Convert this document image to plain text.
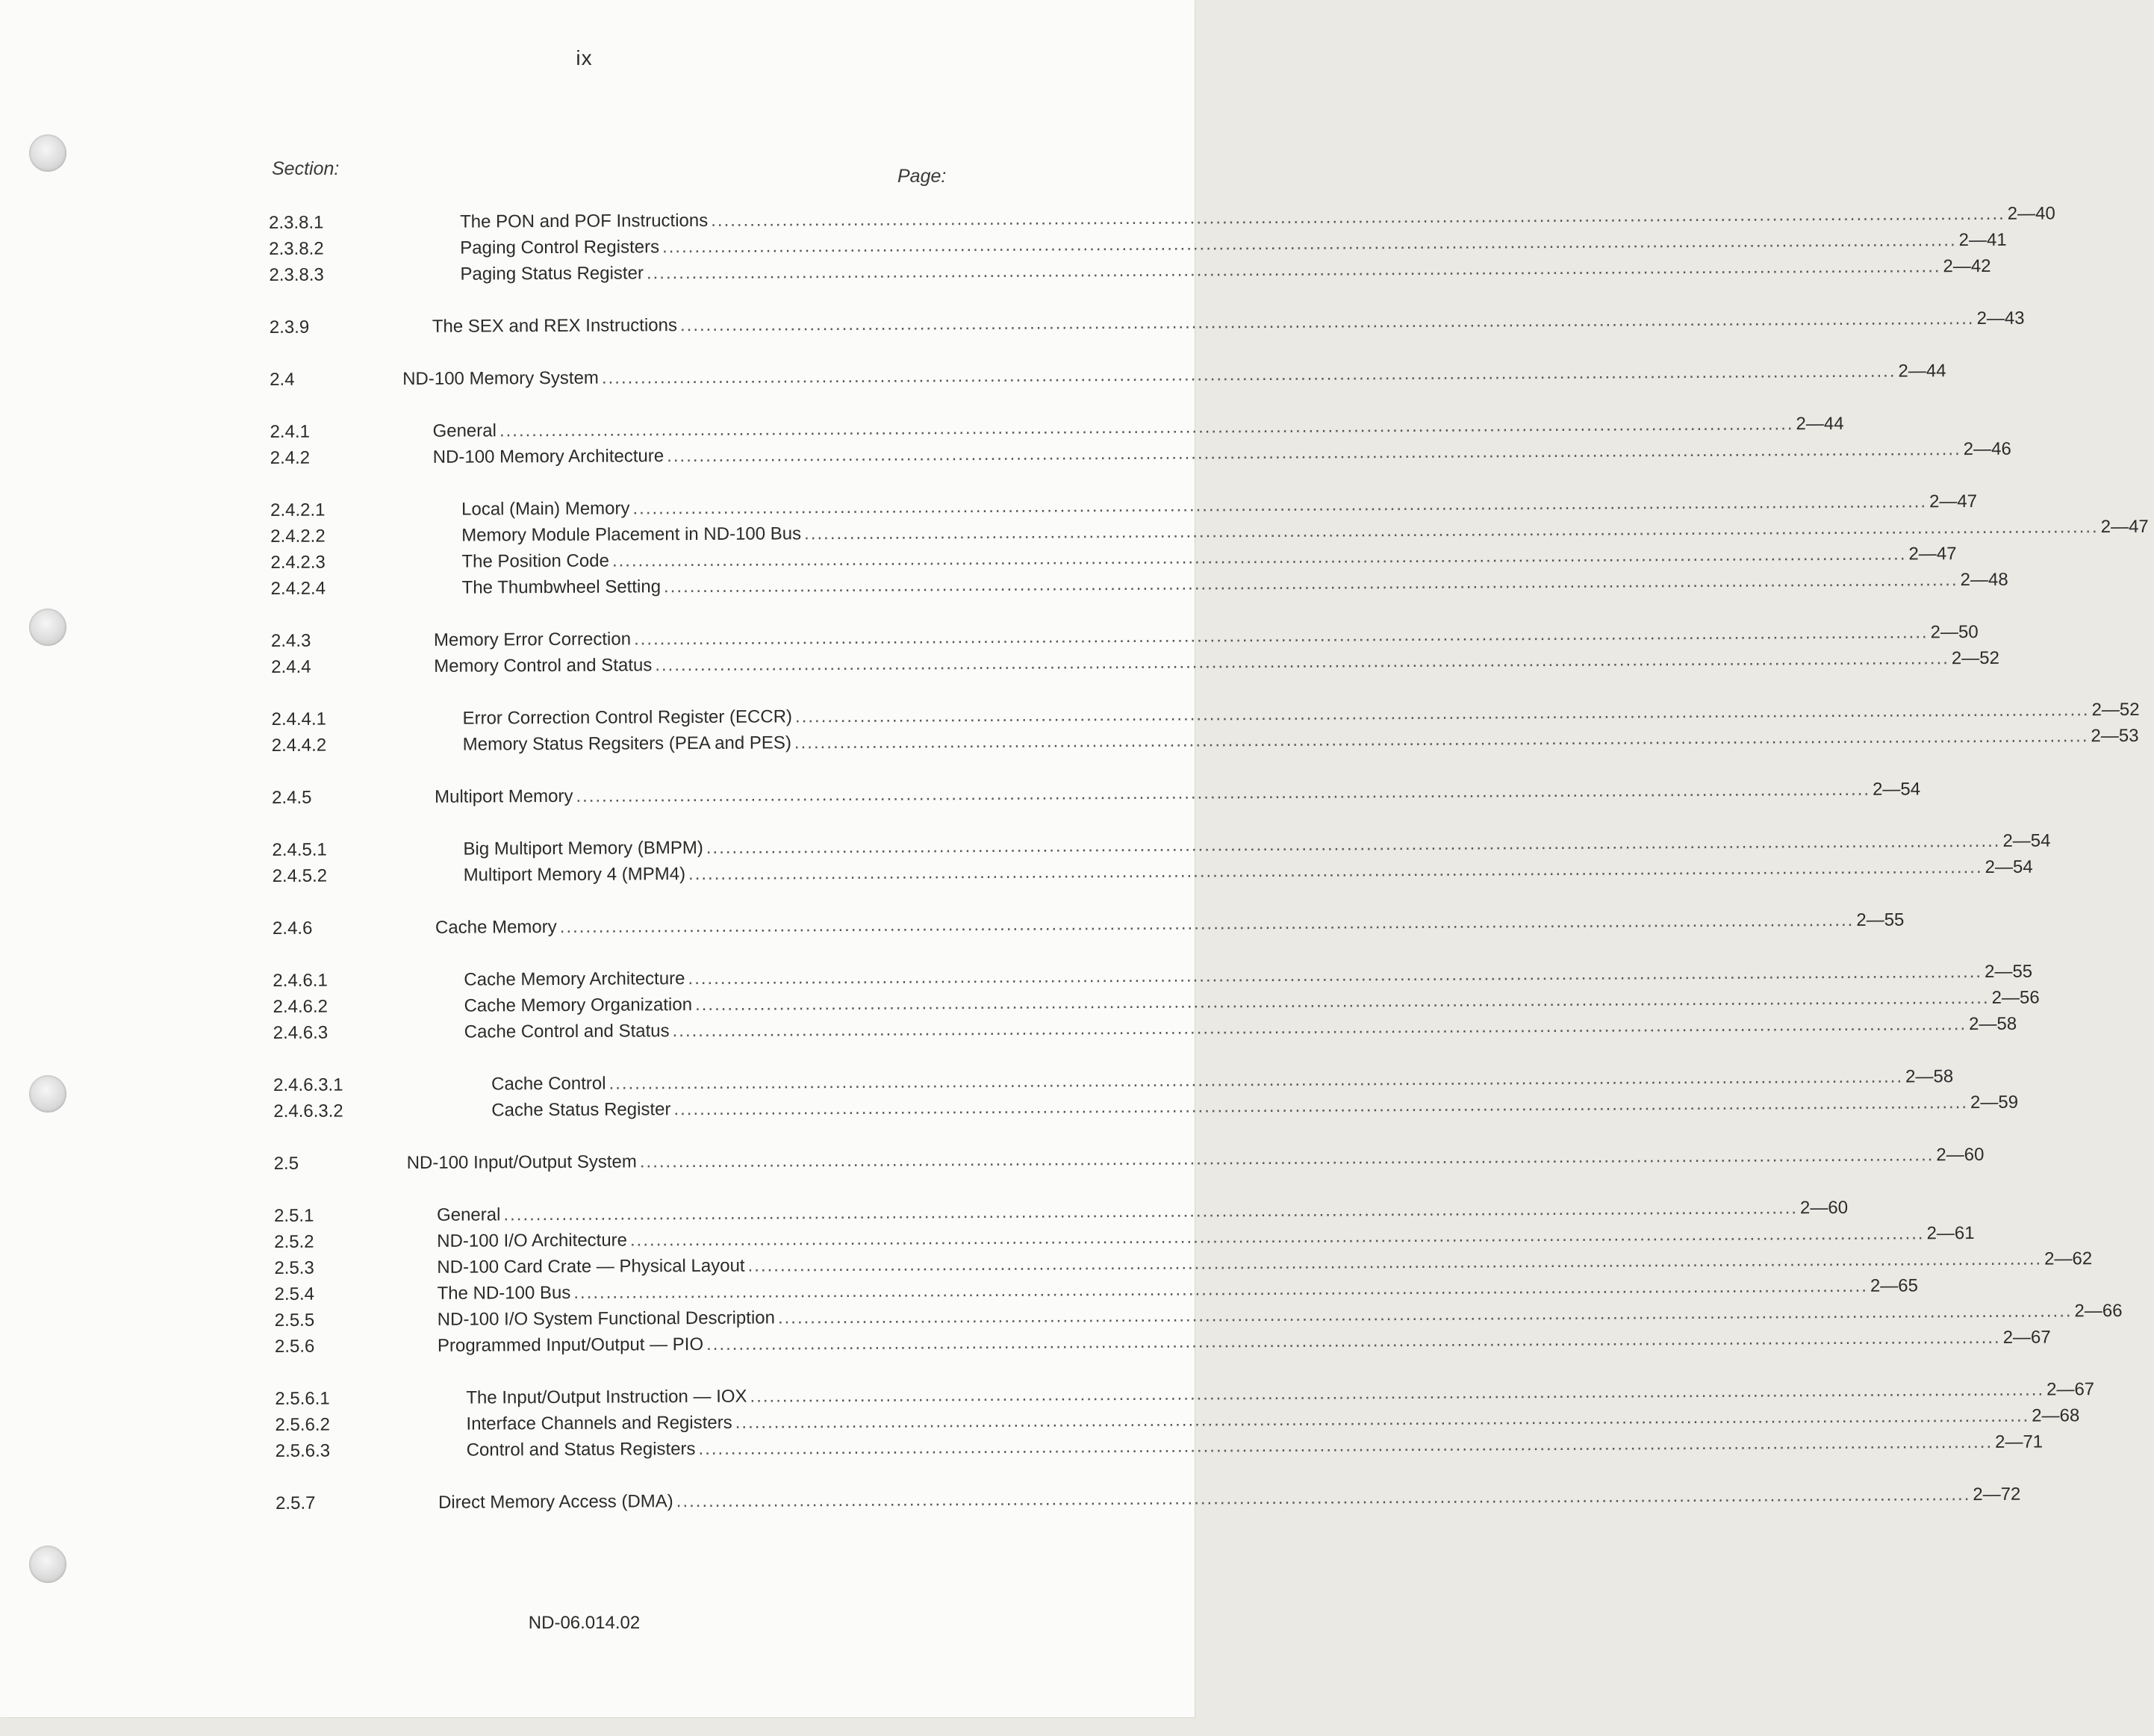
ix
Section:	Page:
2.3.8.1	The PON and POF Instructions ........................................................................................................................................................................................................ 2—40
2.3.8.2	Paging Control Registers ........................................................................................................................................................................................................ 2—41
2.3.8.3	Paging Status Register ........................................................................................................................................................................................................ 2—42
2.3.9	The SEX and REX Instructions ........................................................................................................................................................................................................ 2—43
2.4	ND-100 Memory System ........................................................................................................................................................................................................ 2—44
2.4.1	General ........................................................................................................................................................................................................ 2—44
2.4.2	ND-100 Memory Architecture ........................................................................................................................................................................................................ 2—46
2.4.2.1	Local (Main) Memory ........................................................................................................................................................................................................ 2—47
2.4.2.2	Memory Module Placement in ND-100 Bus ........................................................................................................................................................................................................ 2—47
2.4.2.3	The Position Code ........................................................................................................................................................................................................ 2—47
2.4.2.4	The Thumbwheel Setting ........................................................................................................................................................................................................ 2—48
2.4.3	Memory Error Correction ........................................................................................................................................................................................................ 2—50
2.4.4	Memory Control and Status ........................................................................................................................................................................................................ 2—52
2.4.4.1	Error Correction Control Register (ECCR) ........................................................................................................................................................................................................ 2—52
2.4.4.2	Memory Status Regsiters (PEA and PES) ........................................................................................................................................................................................................ 2—53
2.4.5	Multiport Memory ........................................................................................................................................................................................................ 2—54
2.4.5.1	Big Multiport Memory (BMPM) ........................................................................................................................................................................................................ 2—54
2.4.5.2	Multiport Memory 4 (MPM4) ........................................................................................................................................................................................................ 2—54
2.4.6	Cache Memory ........................................................................................................................................................................................................ 2—55
2.4.6.1	Cache Memory Architecture ........................................................................................................................................................................................................ 2—55
2.4.6.2	Cache Memory Organization ........................................................................................................................................................................................................ 2—56
2.4.6.3	Cache Control and Status ........................................................................................................................................................................................................ 2—58
2.4.6.3.1	Cache Control ........................................................................................................................................................................................................ 2—58
2.4.6.3.2	Cache Status Register ........................................................................................................................................................................................................ 2—59
2.5	ND-100 Input/Output System ........................................................................................................................................................................................................ 2—60
2.5.1	General ........................................................................................................................................................................................................ 2—60
2.5.2	ND-100 I/O Architecture ........................................................................................................................................................................................................ 2—61
2.5.3	ND-100 Card Crate — Physical Layout ........................................................................................................................................................................................................ 2—62
2.5.4	The ND-100 Bus ........................................................................................................................................................................................................ 2—65
2.5.5	ND-100 I/O System Functional Description ........................................................................................................................................................................................................ 2—66
2.5.6	Programmed Input/Output — PIO ........................................................................................................................................................................................................ 2—67
2.5.6.1	The Input/Output Instruction — IOX ........................................................................................................................................................................................................ 2—67
2.5.6.2	Interface Channels and Registers ........................................................................................................................................................................................................ 2—68
2.5.6.3	Control and Status Registers ........................................................................................................................................................................................................ 2—71
2.5.7	Direct Memory Access (DMA) ........................................................................................................................................................................................................ 2—72
ND-06.014.02
